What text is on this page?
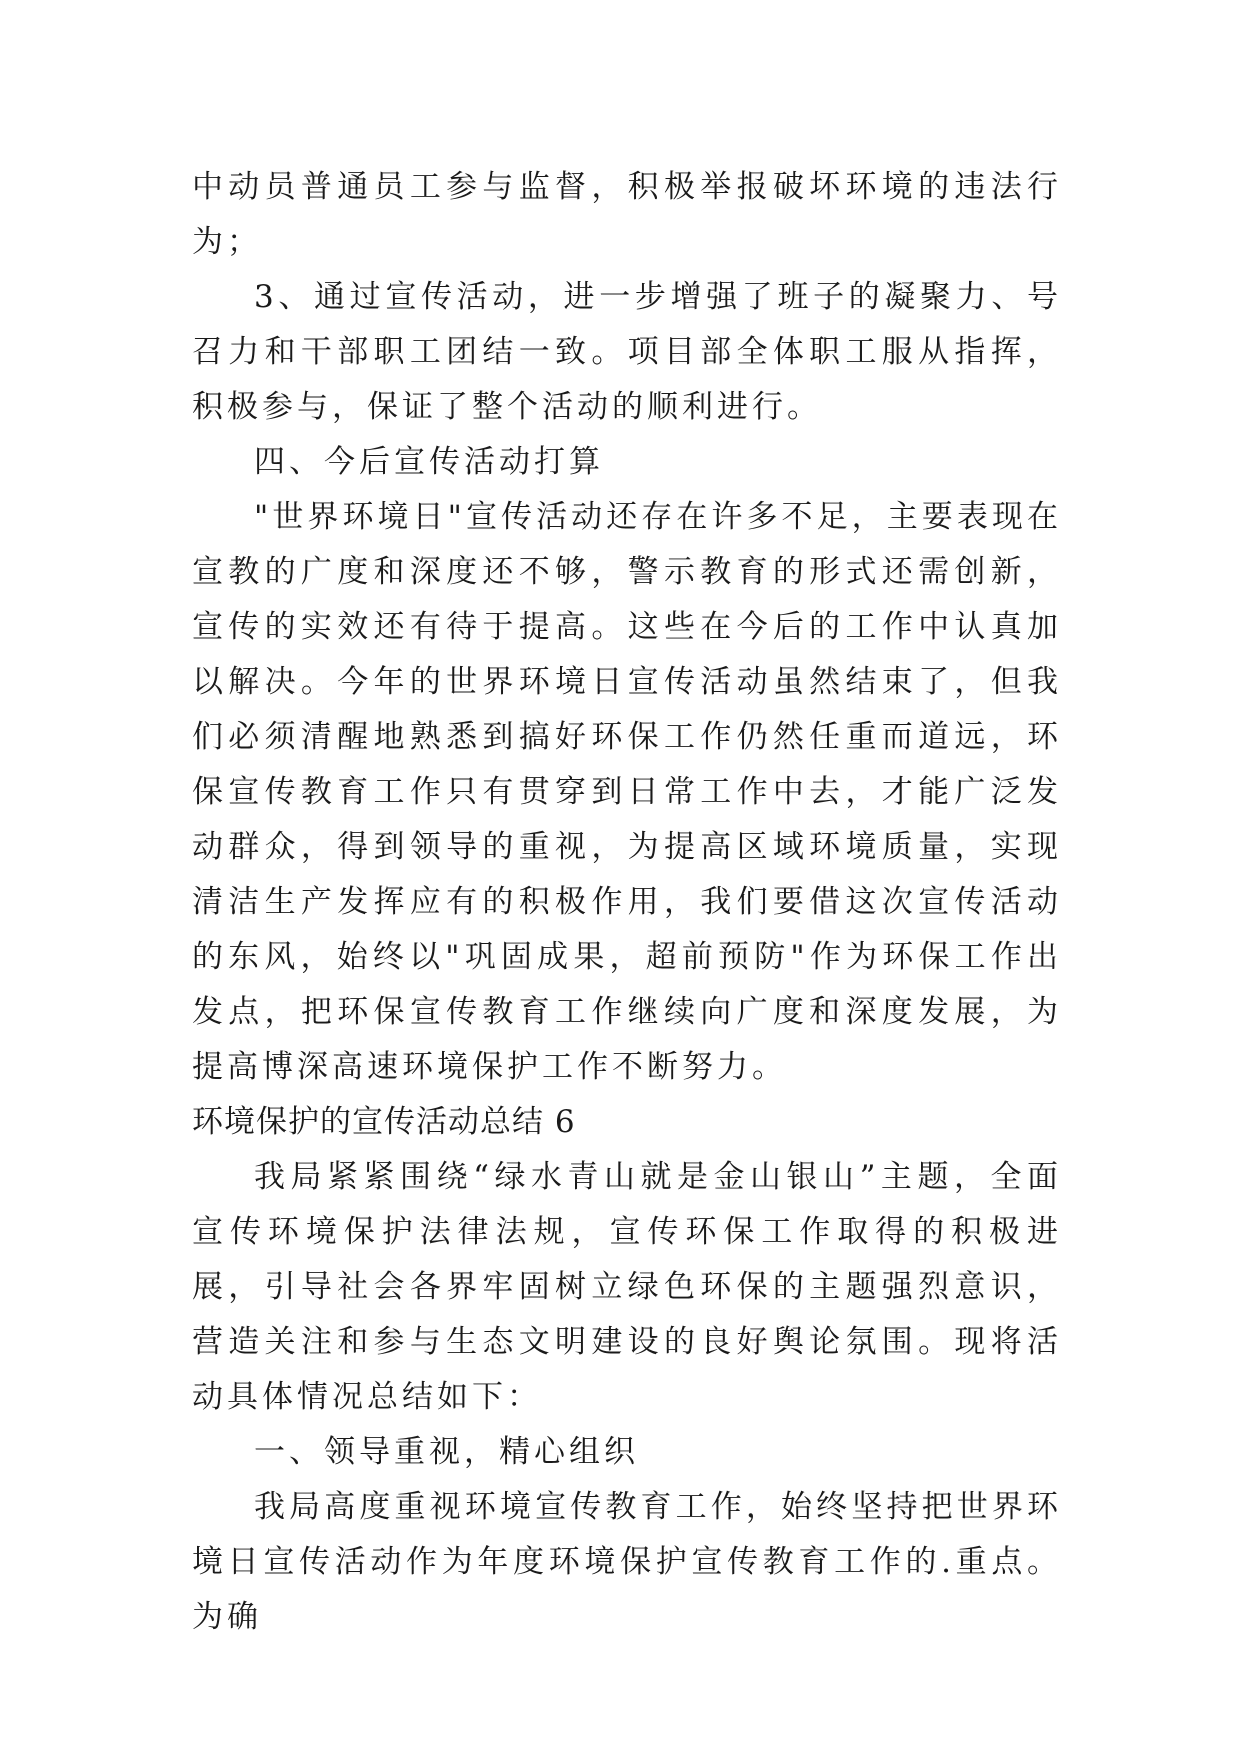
中动员普通员工参与监督，积极举报破坏环境的违法行为；

3、通过宣传活动，进一步增强了班子的凝聚力、号召力和干部职工团结一致。项目部全体职工服从指挥，积极参与，保证了整个活动的顺利进行。

四、今后宣传活动打算

"世界环境日"宣传活动还存在许多不足，主要表现在宣教的广度和深度还不够，警示教育的形式还需创新，宣传的实效还有待于提高。这些在今后的工作中认真加以解决。今年的世界环境日宣传活动虽然结束了，但我们必须清醒地熟悉到搞好环保工作仍然任重而道远，环保宣传教育工作只有贯穿到日常工作中去，才能广泛发动群众，得到领导的重视，为提高区域环境质量，实现清洁生产发挥应有的积极作用，我们要借这次宣传活动的东风，始终以"巩固成果，超前预防"作为环保工作出发点，把环保宣传教育工作继续向广度和深度发展，为提高博深高速环境保护工作不断努力。

环境保护的宣传活动总结 6

我局紧紧围绕“绿水青山就是金山银山”主题，全面宣传环境保护法律法规，宣传环保工作取得的积极进展，引导社会各界牢固树立绿色环保的主题强烈意识，营造关注和参与生态文明建设的良好舆论氛围。现将活动具体情况总结如下：

一、领导重视，精心组织

我局高度重视环境宣传教育工作，始终坚持把世界环境日宣传活动作为年度环境保护宣传教育工作的.重点。为确
